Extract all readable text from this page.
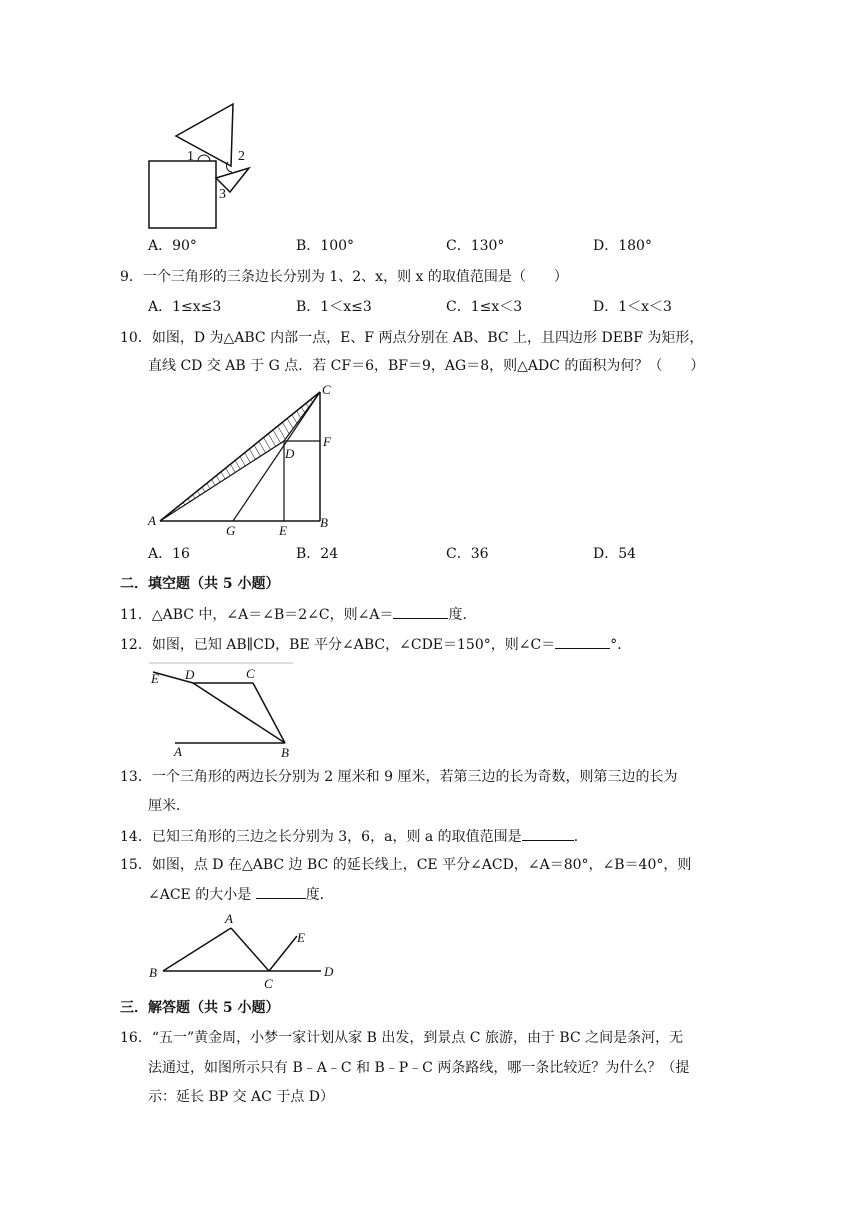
1	2
3
A．90°	B．100°	C．130°	D．180°
9．一个三角形的三条边长分别为 1、2、x，则 x 的取值范围是（　　）
A．1≤x≤3	B．1＜x≤3	C．1≤x＜3	D．1＜x＜3
10．如图，D 为△ABC 内部一点，E、F 两点分别在 AB、BC 上，且四边形 DEBF 为矩形，
直线 CD 交 AB 于 G 点．若 CF＝6，BF＝9，AG＝8，则△ADC 的面积为何？（　　）
C
F
D
A
G	E
B
A．16	B．24	C．36	D．54
二．填空题（共 5 小题）
11．△ABC 中，∠A＝∠B＝2∠C，则∠A＝	度．
12．如图，已知 AB∥CD，BE 平分∠ABC，∠CDE＝150°，则∠C＝	°．
E D	C
A	B
13．一个三角形的两边长分别为 2 厘米和 9 厘米，若第三边的长为奇数，则第三边的长为
厘米．
14．已知三角形的三边之长分别为 3，6，a，则 a 的取值范围是	．
15．如图，点 D 在△ABC 边 BC 的延长线上，CE 平分∠ACD，∠A＝80°，∠B＝40°，则
∠ACE 的大小是	度．
A
E
B
C
D
三．解答题（共 5 小题）
16．“五一”黄金周，小梦一家计划从家 B 出发，到景点 C 旅游，由于 BC 之间是条河，无
法通过，如图所示只有 B﹣A﹣C 和 B﹣P﹣C 两条路线，哪一条比较近？为什么？（提
示：延长 BP 交 AC 于点 D）
